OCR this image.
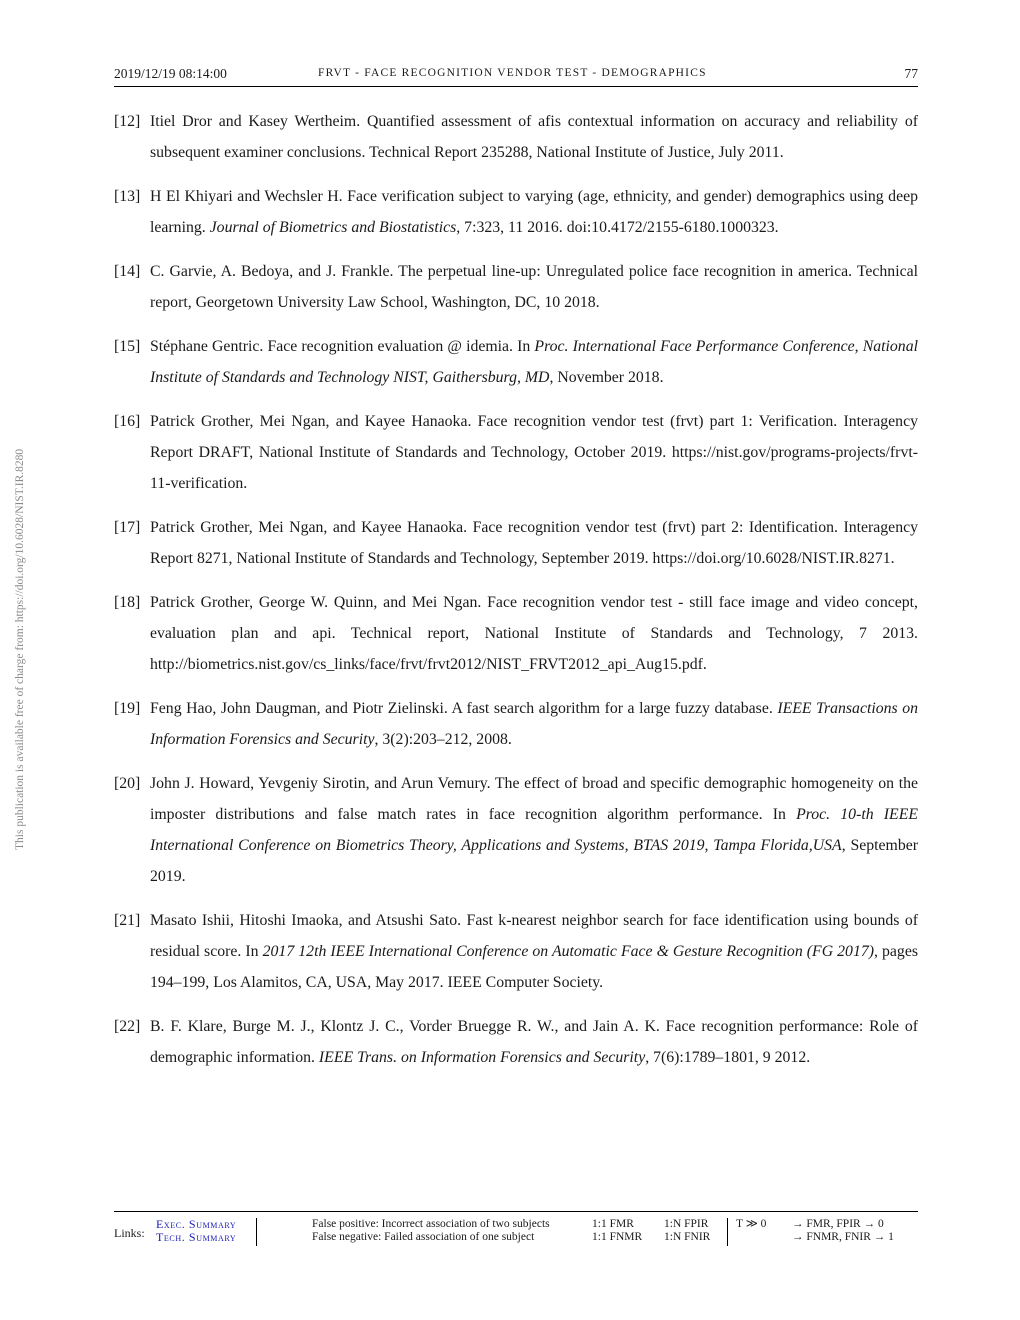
This publication is available free of charge from: https://doi.org/10.6028/NIST.IR.8280
2019/12/19 08:14:00	FRVT - FACE RECOGNITION VENDOR TEST - DEMOGRAPHICS	77
[12] Itiel Dror and Kasey Wertheim. Quantified assessment of afis contextual information on accuracy and reliability of subsequent examiner conclusions. Technical Report 235288, National Institute of Justice, July 2011.
[13] H El Khiyari and Wechsler H. Face verification subject to varying (age, ethnicity, and gender) demographics using deep learning. Journal of Biometrics and Biostatistics, 7:323, 11 2016. doi:10.4172/2155-6180.1000323.
[14] C. Garvie, A. Bedoya, and J. Frankle. The perpetual line-up: Unregulated police face recognition in america. Technical report, Georgetown University Law School, Washington, DC, 10 2018.
[15] Stéphane Gentric. Face recognition evaluation @ idemia. In Proc. International Face Performance Conference, National Institute of Standards and Technology NIST, Gaithersburg, MD, November 2018.
[16] Patrick Grother, Mei Ngan, and Kayee Hanaoka. Face recognition vendor test (frvt) part 1: Verification. Interagency Report DRAFT, National Institute of Standards and Technology, October 2019. https://nist.gov/programs-projects/frvt-11-verification.
[17] Patrick Grother, Mei Ngan, and Kayee Hanaoka. Face recognition vendor test (frvt) part 2: Identification. Interagency Report 8271, National Institute of Standards and Technology, September 2019. https://doi.org/10.6028/NIST.IR.8271.
[18] Patrick Grother, George W. Quinn, and Mei Ngan. Face recognition vendor test - still face image and video concept, evaluation plan and api. Technical report, National Institute of Standards and Technology, 7 2013. http://biometrics.nist.gov/cs_links/face/frvt/frvt2012/NIST_FRVT2012_api_Aug15.pdf.
[19] Feng Hao, John Daugman, and Piotr Zielinski. A fast search algorithm for a large fuzzy database. IEEE Transactions on Information Forensics and Security, 3(2):203–212, 2008.
[20] John J. Howard, Yevgeniy Sirotin, and Arun Vemury. The effect of broad and specific demographic homogeneity on the imposter distributions and false match rates in face recognition algorithm performance. In Proc. 10-th IEEE International Conference on Biometrics Theory, Applications and Systems, BTAS 2019, Tampa Florida,USA, September 2019.
[21] Masato Ishii, Hitoshi Imaoka, and Atsushi Sato. Fast k-nearest neighbor search for face identification using bounds of residual score. In 2017 12th IEEE International Conference on Automatic Face & Gesture Recognition (FG 2017), pages 194–199, Los Alamitos, CA, USA, May 2017. IEEE Computer Society.
[22] B. F. Klare, Burge M. J., Klontz J. C., Vorder Bruegge R. W., and Jain A. K. Face recognition performance: Role of demographic information. IEEE Trans. on Information Forensics and Security, 7(6):1789–1801, 9 2012.
Links:
Exec. Summary
Tech. Summary
False positive: Incorrect association of two subjects	1:1 FMR	1:N FPIR
False negative: Failed association of one subject	1:1 FNMR	1:N FNIR
T ≫ 0 → FMR, FPIR → 0
→ FNMR, FNIR → 1
